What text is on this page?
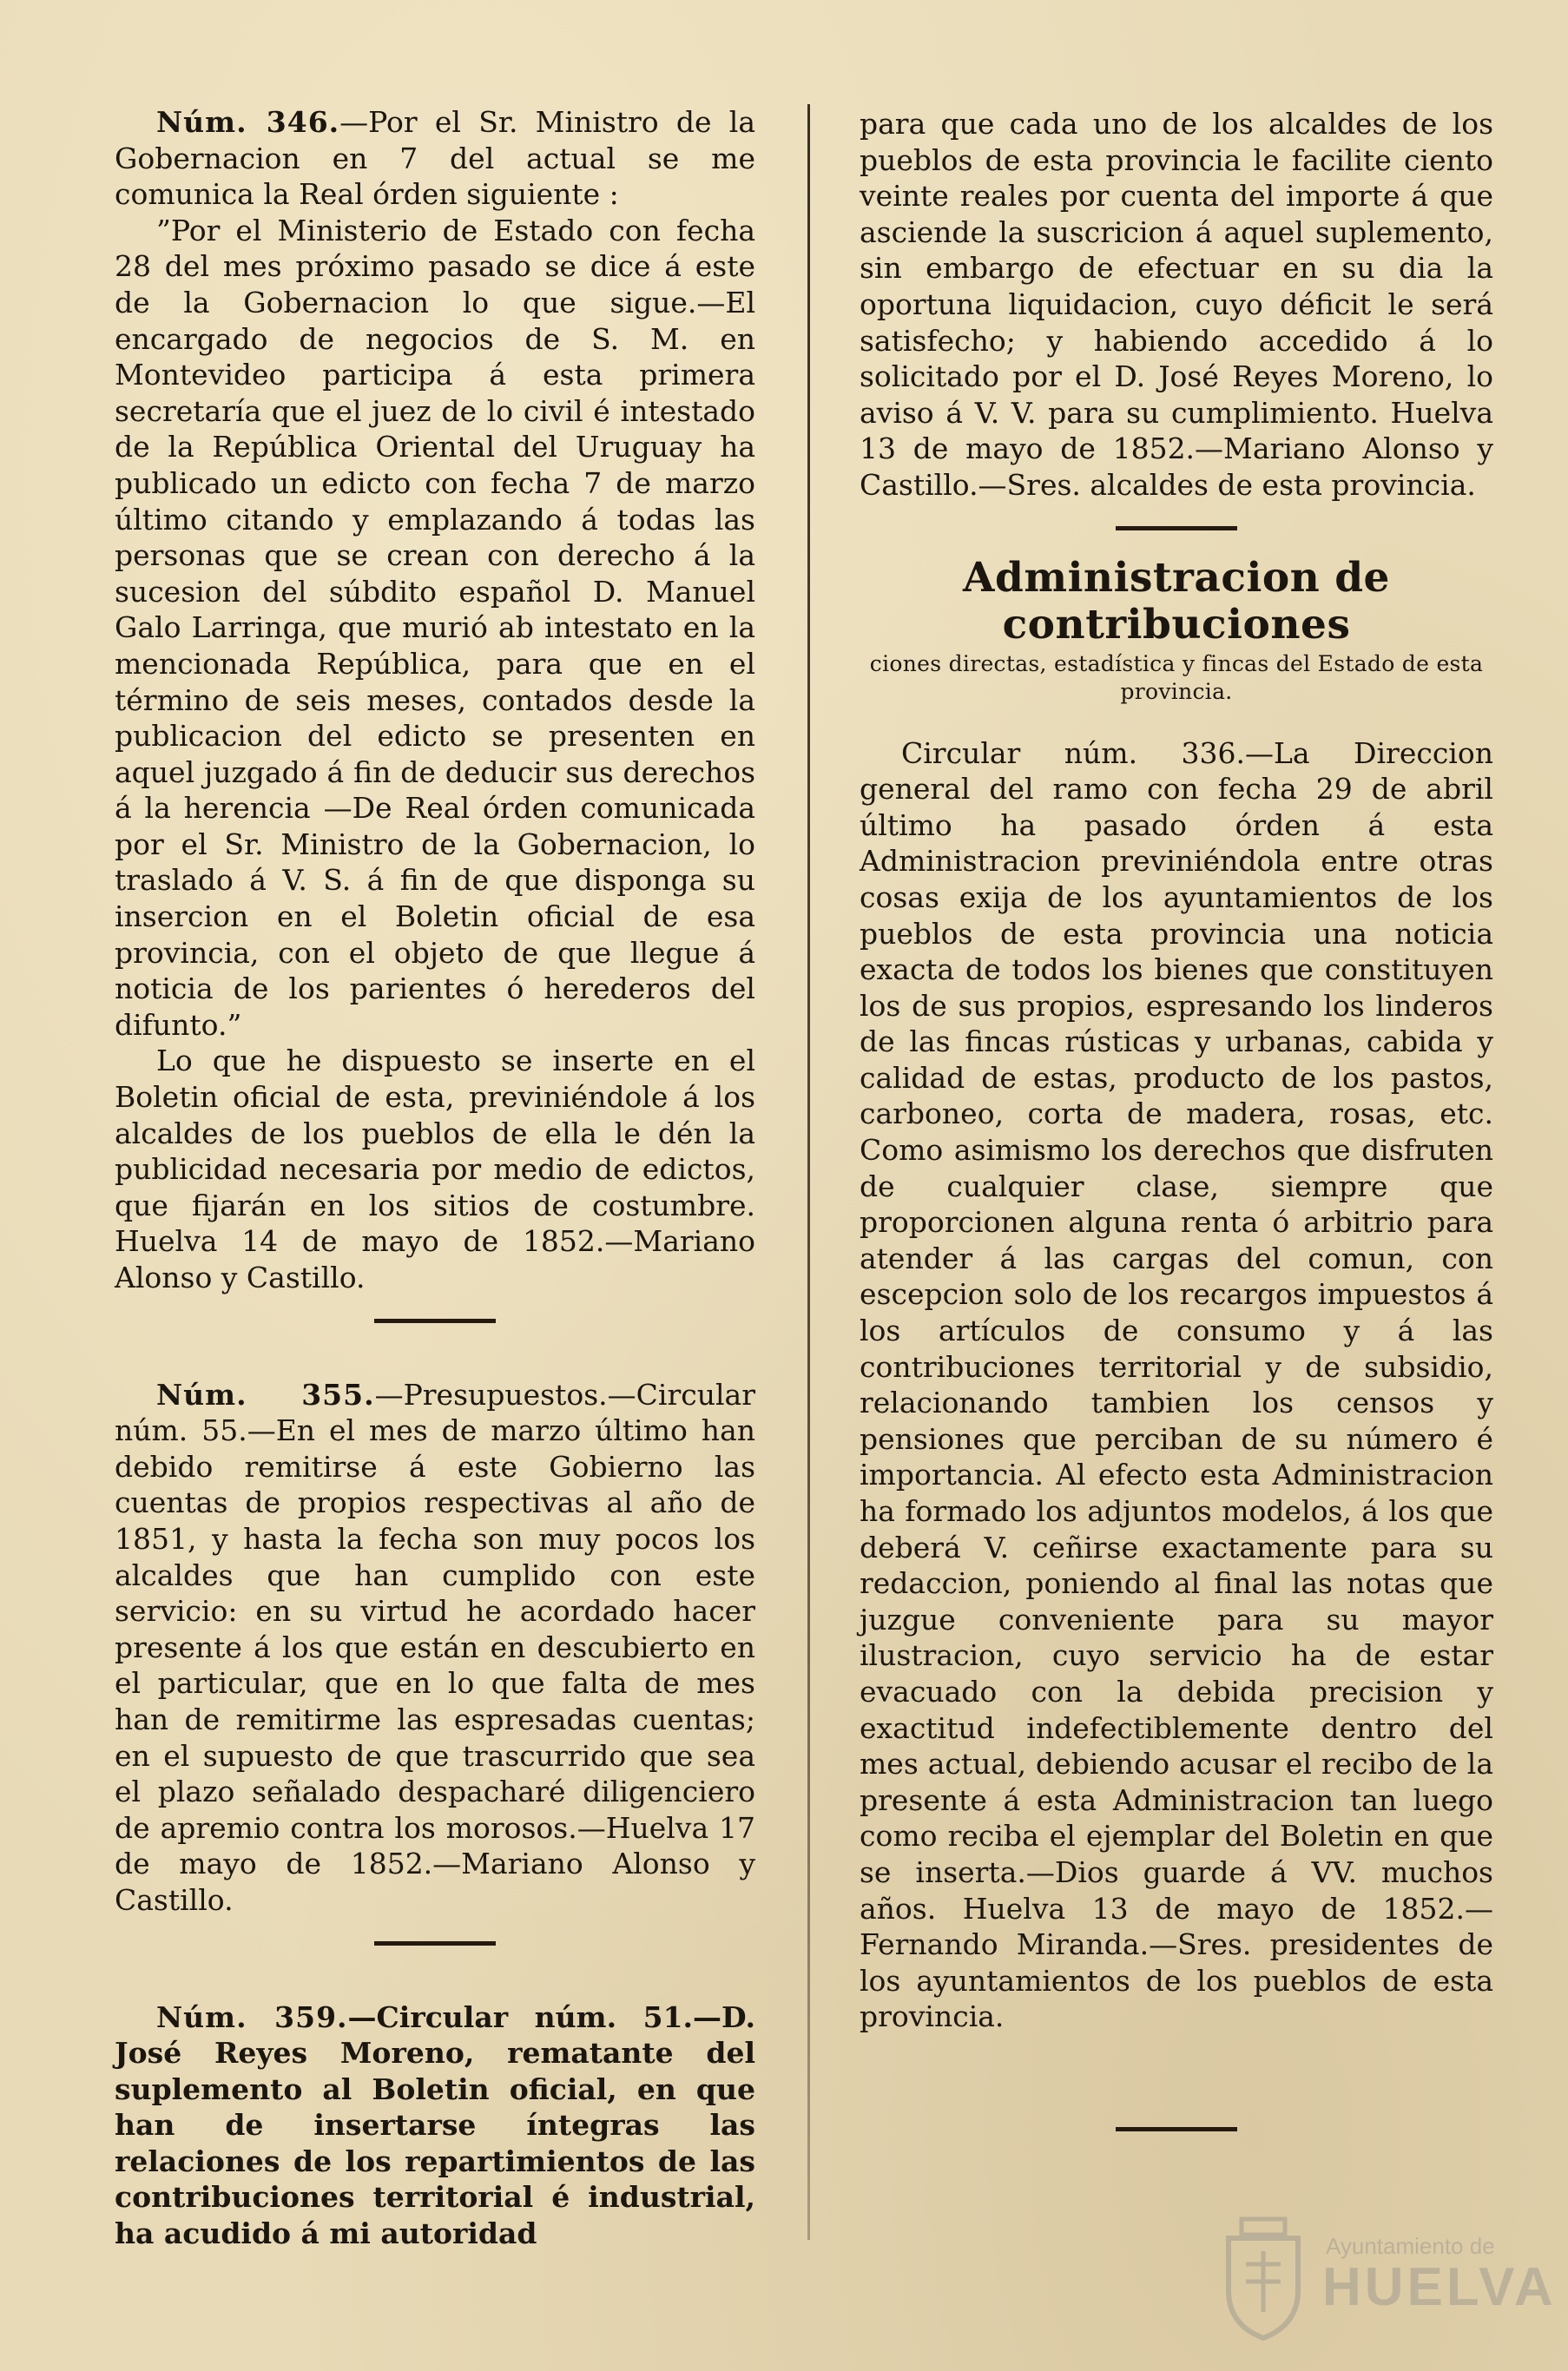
Núm. 346.—Por el Sr. Ministro de la Gobernacion en 7 del actual se me comunica la Real órden siguiente :

”Por el Ministerio de Estado con fecha 28 del mes próximo pasado se dice á este de la Gobernacion lo que sigue.—El encargado de negocios de S. M. en Montevideo participa á esta primera secretaría que el juez de lo civil é intestado de la República Oriental del Uruguay ha publicado un edicto con fecha 7 de marzo último citando y emplazando á todas las personas que se crean con derecho á la sucesion del súbdito español D. Manuel Galo Larringa, que murió ab intestato en la mencionada República, para que en el término de seis meses, contados desde la publicacion del edicto se presenten en aquel juzgado á fin de deducir sus derechos á la herencia —De Real órden comunicada por el Sr. Ministro de la Gobernacion, lo traslado á V. S. á fin de que disponga su insercion en el Boletin oficial de esa provincia, con el objeto de que llegue á noticia de los parientes ó herederos del difunto.”

Lo que he dispuesto se inserte en el Boletin oficial de esta, previniéndole á los alcaldes de los pueblos de ella le dén la publicidad necesaria por medio de edictos, que fijarán en los sitios de costumbre. Huelva 14 de mayo de 1852.—Mariano Alonso y Castillo.

Núm. 355.—Presupuestos.—Circular núm. 55.—En el mes de marzo último han debido remitirse á este Gobierno las cuentas de propios respectivas al año de 1851, y hasta la fecha son muy pocos los alcaldes que han cumplido con este servicio: en su virtud he acordado hacer presente á los que están en descubierto en el particular, que en lo que falta de mes han de remitirme las espresadas cuentas; en el supuesto de que trascurrido que sea el plazo señalado despacharé diligenciero de apremio contra los morosos.—Huelva 17 de mayo de 1852.—Mariano Alonso y Castillo.

Núm. 359.—Circular núm. 51.—D. José Reyes Moreno, rematante del suplemento al Boletin oficial, en que han de insertarse íntegras las relaciones de los repartimientos de las contribuciones territorial é industrial, ha acudido á mi autoridad

para que cada uno de los alcaldes de los pueblos de esta provincia le facilite ciento veinte reales por cuenta del importe á que asciende la suscricion á aquel suplemento, sin embargo de efectuar en su dia la oportuna liquidacion, cuyo déficit le será satisfecho; y habiendo accedido á lo solicitado por el D. José Reyes Moreno, lo aviso á V. V. para su cumplimiento. Huelva 13 de mayo de 1852.—Mariano Alonso y Castillo.—Sres. alcaldes de esta provincia.

Administracion de contribuciones
ciones directas, estadística y fincas del Estado de esta provincia.

Circular núm. 336.—La Direccion general del ramo con fecha 29 de abril último ha pasado órden á esta Administracion previniéndola entre otras cosas exija de los ayuntamientos de los pueblos de esta provincia una noticia exacta de todos los bienes que constituyen los de sus propios, espresando los linderos de las fincas rústicas y urbanas, cabida y calidad de estas, producto de los pastos, carboneo, corta de madera, rosas, etc. Como asimismo los derechos que disfruten de cualquier clase, siempre que proporcionen alguna renta ó arbitrio para atender á las cargas del comun, con escepcion solo de los recargos impuestos á los artículos de consumo y á las contribuciones territorial y de subsidio, relacionando tambien los censos y pensiones que perciban de su número é importancia. Al efecto esta Administracion ha formado los adjuntos modelos, á los que deberá V. ceñirse exactamente para su redaccion, poniendo al final las notas que juzgue conveniente para su mayor ilustracion, cuyo servicio ha de estar evacuado con la debida precision y exactitud indefectiblemente dentro del mes actual, debiendo acusar el recibo de la presente á esta Administracion tan luego como reciba el ejemplar del Boletin en que se inserta.—Dios guarde á VV. muchos años. Huelva 13 de mayo de 1852.—Fernando Miranda.—Sres. presidentes de los ayuntamientos de los pueblos de esta provincia.

Ayuntamiento de
HUELVA
